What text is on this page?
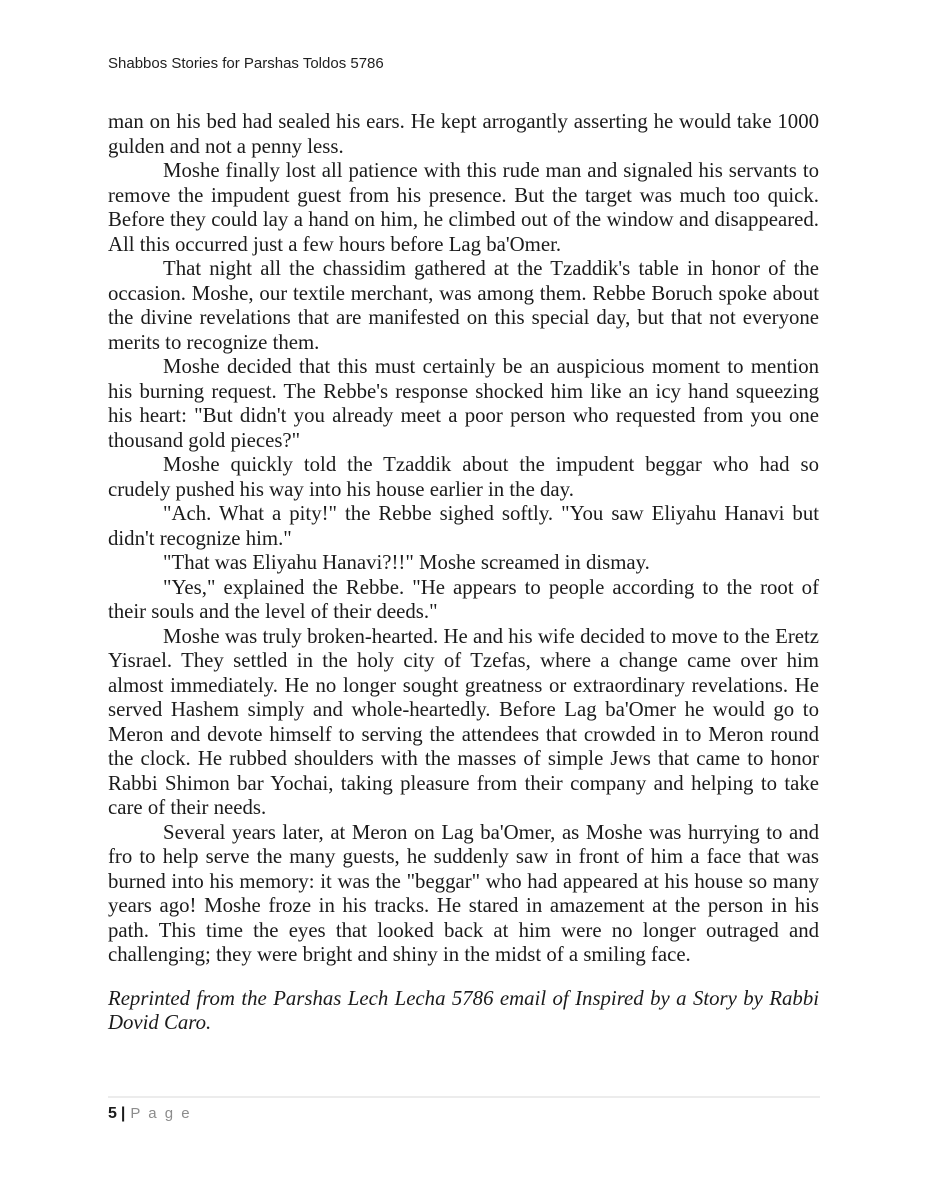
Shabbos Stories for Parshas Toldos 5786

man on his bed had sealed his ears. He kept arrogantly asserting he would take 1000 gulden and not a penny less.

Moshe finally lost all patience with this rude man and signaled his servants to remove the impudent guest from his presence. But the target was much too quick. Before they could lay a hand on him, he climbed out of the window and disappeared. All this occurred just a few hours before Lag ba'Omer.

That night all the chassidim gathered at the Tzaddik's table in honor of the occasion. Moshe, our textile merchant, was among them. Rebbe Boruch spoke about the divine revelations that are manifested on this special day, but that not everyone merits to recognize them.

Moshe decided that this must certainly be an auspicious moment to mention his burning request. The Rebbe's response shocked him like an icy hand squeezing his heart: "But didn't you already meet a poor person who requested from you one thousand gold pieces?"

Moshe quickly told the Tzaddik about the impudent beggar who had so crudely pushed his way into his house earlier in the day.

"Ach. What a pity!" the Rebbe sighed softly. "You saw Eliyahu Hanavi but didn't recognize him."

"That was Eliyahu Hanavi?!!" Moshe screamed in dismay.

"Yes," explained the Rebbe. "He appears to people according to the root of their souls and the level of their deeds."

Moshe was truly broken-hearted. He and his wife decided to move to the Eretz Yisrael. They settled in the holy city of Tzefas, where a change came over him almost immediately. He no longer sought greatness or extraordinary revelations. He served Hashem simply and whole-heartedly. Before Lag ba'Omer he would go to Meron and devote himself to serving the attendees that crowded in to Meron round the clock. He rubbed shoulders with the masses of simple Jews that came to honor Rabbi Shimon bar Yochai, taking pleasure from their company and helping to take care of their needs.

Several years later, at Meron on Lag ba'Omer, as Moshe was hurrying to and fro to help serve the many guests, he suddenly saw in front of him a face that was burned into his memory: it was the "beggar" who had appeared at his house so many years ago! Moshe froze in his tracks. He stared in amazement at the person in his path. This time the eyes that looked back at him were no longer outraged and challenging; they were bright and shiny in the midst of a smiling face.

Reprinted from the Parshas Lech Lecha 5786 email of Inspired by a Story by Rabbi Dovid Caro.

5 | P a g e
